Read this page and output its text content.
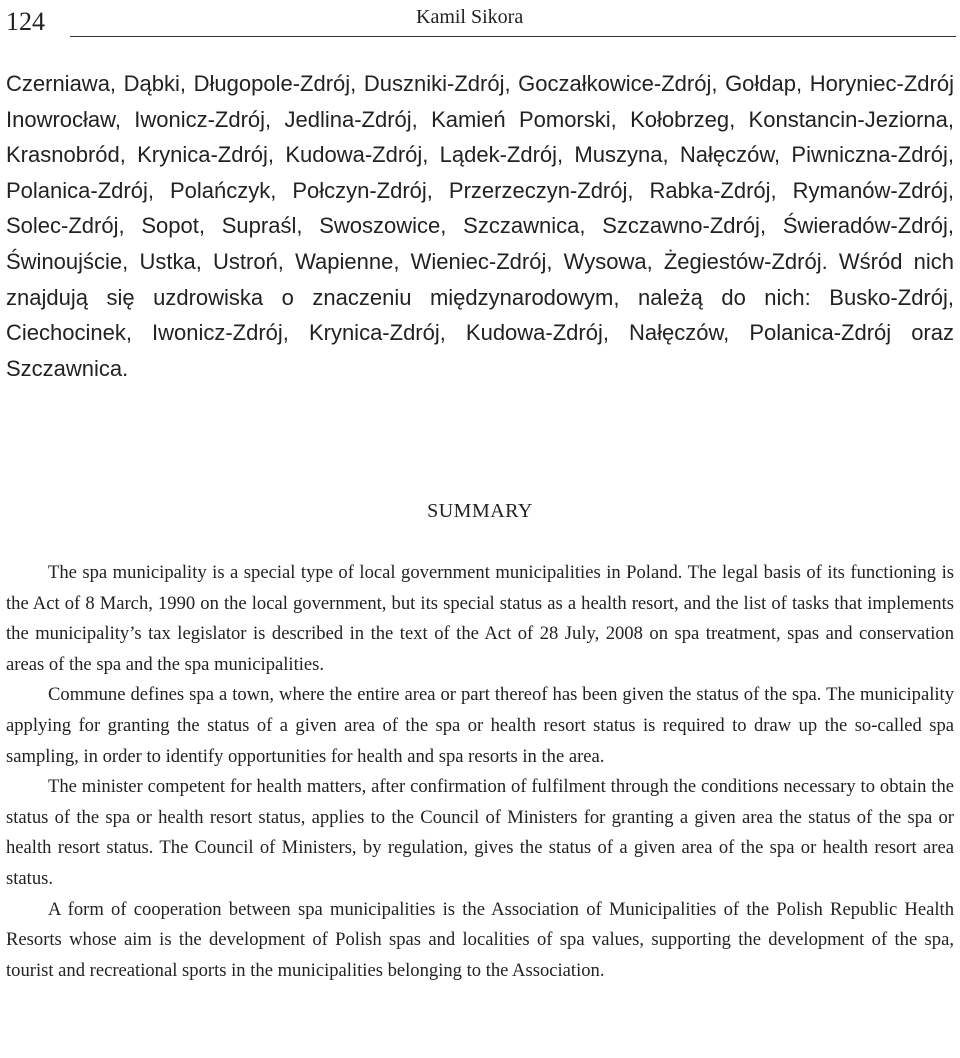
124	Kamil Sikora

Czerniawa, Dąbki, Długopole-Zdrój, Duszniki-Zdrój, Goczałkowice-Zdrój, Gołdap, Horyniec-Zdrój Inowrocław, Iwonicz-Zdrój, Jedlina-Zdrój, Kamień Pomorski, Kołobrzeg, Konstancin-Jeziorna, Krasnobród, Krynica-Zdrój, Kudowa-Zdrój, Lądek-Zdrój, Muszyna, Nałęczów, Piwniczna-Zdrój, Polanica-Zdrój, Polańczyk, Połczyn-Zdrój, Przerzeczyn-Zdrój, Rabka-Zdrój, Rymanów-Zdrój, Solec-Zdrój, Sopot, Supraśl, Swoszowice, Szczawnica, Szczawno-Zdrój, Świeradów-Zdrój, Świnoujście, Ustka, Ustroń, Wapienne, Wieniec-Zdrój, Wysowa, Żegiestów-Zdrój. Wśród nich znajdują się uzdrowiska o znaczeniu międzynarodowym, należą do nich: Busko-Zdrój, Ciechocinek, Iwonicz-Zdrój, Krynica-Zdrój, Kudowa-Zdrój, Nałęczów, Polanica-Zdrój oraz Szczawnica.

SUMMARY

The spa municipality is a special type of local government municipalities in Poland. The legal basis of its functioning is the Act of 8 March, 1990 on the local government, but its special status as a health resort, and the list of tasks that implements the municipality’s tax legislator is described in the text of the Act of 28 July, 2008 on spa treatment, spas and conservation areas of the spa and the spa municipalities.

Commune defines spa a town, where the entire area or part thereof has been given the status of the spa. The municipality applying for granting the status of a given area of the spa or health resort status is required to draw up the so-called spa sampling, in order to identify opportunities for health and spa resorts in the area.

The minister competent for health matters, after confirmation of fulfilment through the conditions necessary to obtain the status of the spa or health resort status, applies to the Council of Ministers for granting a given area the status of the spa or health resort status. The Council of Ministers, by regulation, gives the status of a given area of the spa or health resort area status.

A form of cooperation between spa municipalities is the Association of Municipalities of the Polish Republic Health Resorts whose aim is the development of Polish spas and localities of spa values, supporting the development of the spa, tourist and recreational sports in the municipalities belonging to the Association.
